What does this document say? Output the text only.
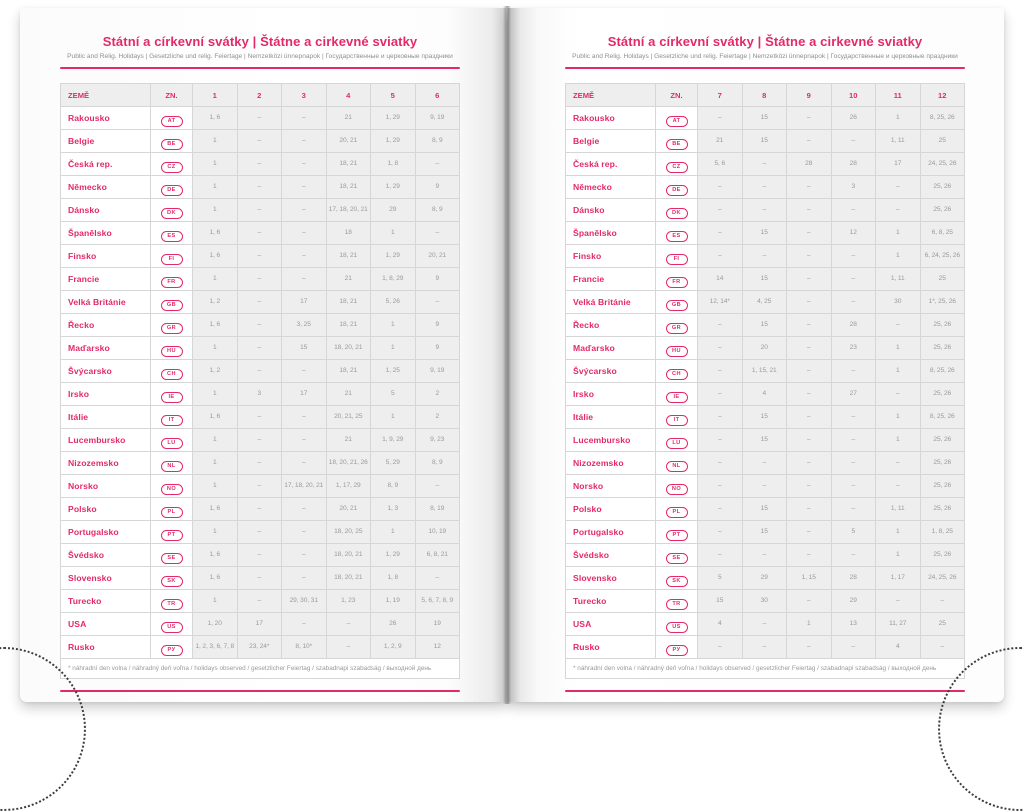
Státní a církevní svátky | Štátne a cirkevné sviatky
Public and Relig. Holidays | Gesetzliche und relig. Feiertage | Nemzetközi ünnepnapok | Государственные и церковные праздники
ZEMĚ	ZN.	1	2	3	4	5	6
Rakousko	AT	1, 6	–	–	21	1, 29	9, 19
Belgie	BE	1	–	–	20, 21	1, 29	8, 9
Česká rep.	CZ	1	–	–	18, 21	1, 8	–
Německo	DE	1	–	–	18, 21	1, 29	9
Dánsko	DK	1	–	–	17, 18, 20, 21	29	8, 9
Španělsko	ES	1, 6	–	–	18	1	–
Finsko	FI	1, 6	–	–	18, 21	1, 29	20, 21
Francie	FR	1	–	–	21	1, 8, 29	9
Velká Británie	GB	1, 2	–	17	18, 21	5, 26	–
Řecko	GR	1, 6	–	3, 25	18, 21	1	9
Maďarsko	HU	1	–	15	18, 20, 21	1	9
Švýcarsko	CH	1, 2	–	–	18, 21	1, 25	9, 19
Irsko	IE	1	3	17	21	5	2
Itálie	IT	1, 6	–	–	20, 21, 25	1	2
Lucembursko	LU	1	–	–	21	1, 9, 29	9, 23
Nizozemsko	NL	1	–	–	18, 20, 21, 26	5, 29	8, 9
Norsko	NO	1	–	17, 18, 20, 21	1, 17, 29	8, 9	–
Polsko	PL	1, 6	–	–	20, 21	1, 3	8, 19
Portugalsko	PT	1	–	–	18, 20, 25	1	10, 19
Švédsko	SE	1, 6	–	–	18, 20, 21	1, 29	6, 8, 21
Slovensko	SK	1, 6	–	–	18, 20, 21	1, 8	–
Turecko	TR	1	–	29, 30, 31	1, 23	1, 19	5, 6, 7, 8, 9
USA	US	1, 20	17	–	–	26	19
Rusko	РУ	1, 2, 3, 6, 7, 8	23, 24*	8, 10*	–	1, 2, 9	12
* náhradní den volna / náhradný deň voľna / holidays observed / gesetzlicher Feiertag / szabadnapi szabadság / выходной день
Státní a církevní svátky | Štátne a cirkevné sviatky
Public and Relig. Holidays | Gesetzliche und relig. Feiertage | Nemzetközi ünnepnapok | Государственные и церковные праздники
ZEMĚ	ZN.	7	8	9	10	11	12
Rakousko	AT	–	15	–	26	1	8, 25, 26
Belgie	BE	21	15	–	–	1, 11	25
Česká rep.	CZ	5, 6	–	28	28	17	24, 25, 26
Německo	DE	–	–	–	3	–	25, 26
Dánsko	DK	–	–	–	–	–	25, 26
Španělsko	ES	–	15	–	12	1	6, 8, 25
Finsko	FI	–	–	–	–	1	6, 24, 25, 26
Francie	FR	14	15	–	–	1, 11	25
Velká Británie	GB	12, 14*	4, 25	–	–	30	1*, 25, 26
Řecko	GR	–	15	–	28	–	25, 26
Maďarsko	HU	–	20	–	23	1	25, 26
Švýcarsko	CH	–	1, 15, 21	–	–	1	8, 25, 26
Irsko	IE	–	4	–	27	–	25, 26
Itálie	IT	–	15	–	–	1	8, 25, 26
Lucembursko	LU	–	15	–	–	1	25, 26
Nizozemsko	NL	–	–	–	–	–	25, 26
Norsko	NO	–	–	–	–	–	25, 26
Polsko	PL	–	15	–	–	1, 11	25, 26
Portugalsko	PT	–	15	–	5	1	1, 8, 25
Švédsko	SE	–	–	–	–	1	25, 26
Slovensko	SK	5	29	1, 15	28	1, 17	24, 25, 26
Turecko	TR	15	30	–	29	–	–
USA	US	4	–	1	13	11, 27	25
Rusko	РУ	–	–	–	–	4	–
* náhradní den volna / náhradný deň voľna / holidays observed / gesetzlicher Feiertag / szabadnapi szabadság / выходной день
